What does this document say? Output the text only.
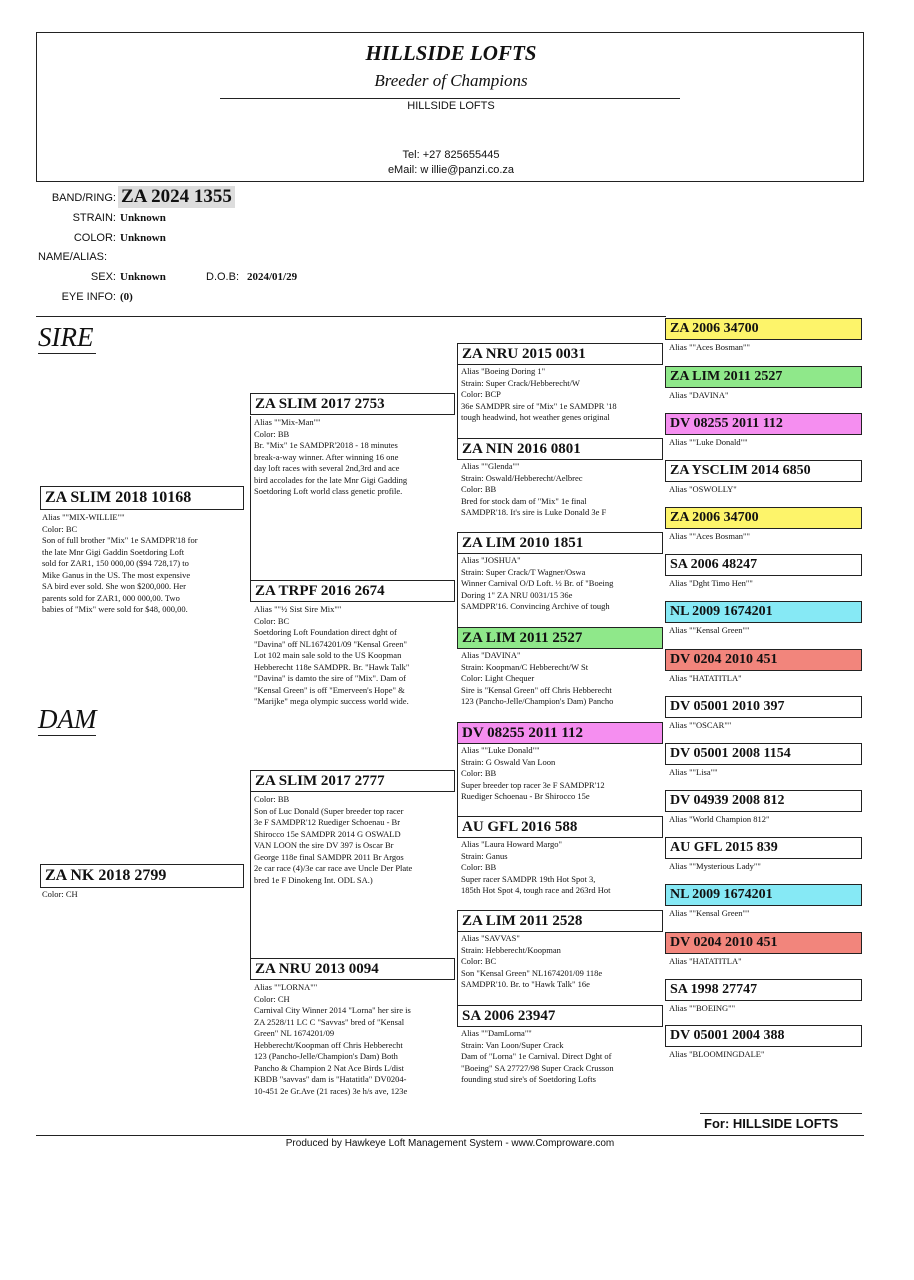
HILLSIDE LOFTS
Breeder of Champions
HILLSIDE LOFTS
Tel: +27 825655445
eMail: w illie@panzi.co.za
BAND/RING: ZA 2024 1355
STRAIN: Unknown
COLOR: Unknown
NAME/ALIAS:
SEX: Unknown	D.O.B: 2024/01/29
EYE INFO: (0)
SIRE
DAM
ZA SLIM 2018 10168
Alias ""MIX-WILLIE""
Color: BC
Son of full brother "Mix" 1e SAMDPR'18 for
the late Mnr Gigi Gaddin Soetdoring Loft
sold for ZAR1, 150 000,00 ($94 728,17) to
Mike Ganus in the US. The most expensive
SA bird ever sold. She won $200,000. Her
parents sold for ZAR1, 000 000,00. Two
babies of "Mix" were sold for $48, 000,00.
ZA NK 2018 2799
Color: CH
ZA SLIM 2017 2753
Alias ""Mix-Man""
Color: BB
Br. "Mix" 1e SAMDPR'2018 - 18 minutes
break-a-way winner. After winning 16 one
day loft races with several 2nd,3rd and ace
bird accolades for the late Mnr Gigi Gadding
Soetdoring Loft world class genetic profile.
ZA TRPF 2016 2674
Alias ""½ Sist Sire Mix""
Color: BC
Soetdoring Loft Foundation direct dght of
"Davina" off NL1674201/09 "Kensal Green"
Lot 102 main sale sold to the US Koopman
Hebberecht 118e SAMDPR. Br. "Hawk Talk"
"Davina" is damto the sire of "Mix". Dam of
"Kensal Green" is off "Emerveen's Hope" &
"Marijke" mega olympic success world wide.
ZA SLIM 2017 2777
Color: BB
Son of Luc Donald (Super breeder top racer
3e F SAMDPR'12 Ruediger Schoenau - Br
Shirocco 15e SAMDPR 2014 G OSWALD
VAN LOON the sire DV 397 is Oscar Br
George 118e final SAMDPR 2011 Br Argos
2e car race (4)/3e car race ave Uncle Der Plate
bred 1e F Dinokeng Int. ODL SA.)
ZA NRU 2013 0094
Alias ""LORNA""
Color: CH
Carnival City Winner 2014 "Lorna" her sire is
ZA 2528/11 LC C "Savvas" bred of "Kensal
Green" NL 1674201/09
Hebberecht/Koopman off Chris Hebberecht
123 (Pancho-Jelle/Champion's Dam) Both
Pancho & Champion 2 Nat Ace Birds L/dist
KBDB "savvas" dam is "Hatatitla" DV0204-
10-451 2e Gr.Ave (21 races) 3e h/s ave, 123e
ZA NRU 2015 0031
Alias "Boeing Doring 1"
Strain: Super Crack/Hebberecht/W
Color: BCP
36e SAMDPR sire of "Mix" 1e SAMDPR '18
tough headwind, hot weather genes original
ZA NIN 2016 0801
Alias ""Glenda""
Strain: Oswald/Hebberecht/Aelbrec
Color: BB
Bred for stock dam of "Mix" 1e final
SAMDPR'18. It's sire is Luke Donald 3e F
ZA LIM 2010 1851
Alias "JOSHUA"
Strain: Super Crack/T Wagner/Oswa
Winner Carnival O/D Loft. ½ Br. of "Boeing
Doring 1" ZA NRU 0031/15 36e
SAMDPR'16. Convincing Archive of tough
ZA LIM 2011 2527
Alias "DAVINA"
Strain: Koopman/C Hebberecht/W St
Color: Light Chequer
Sire is "Kensal Green" off Chris Hebberecht
123 (Pancho-Jelle/Champion's Dam) Pancho
DV 08255 2011 112
Alias ""Luke Donald""
Strain: G Oswald Van Loon
Color: BB
Super breeder top racer 3e F SAMDPR'12
Ruediger Schoenau - Br Shirocco 15e
AU GFL 2016 588
Alias "Laura Howard Margo"
Strain: Ganus
Color: BB
Super racer SAMDPR 19th Hot Spot 3,
185th Hot Spot 4, tough race and 263rd Hot
ZA LIM 2011 2528
Alias "SAVVAS"
Strain: Hebberecht/Koopman
Color: BC
Son "Kensal Green" NL1674201/09 118e
SAMDPR'10. Br. to "Hawk Talk" 16e
SA 2006 23947
Alias ""DamLorna""
Strain: Van Loon/Super Crack
Dam of "Lorna" 1e Carnival. Direct Dght of
"Boeing" SA 27727/98 Super Crack Crusson
founding stud sire's of Soetdoring Lofts
ZA 2006 34700
Alias ""Aces Bosman""
ZA LIM 2011 2527
Alias "DAVINA"
DV 08255 2011 112
Alias ""Luke Donald""
ZA YSCLIM 2014 6850
Alias "OSWOLLY"
ZA 2006 34700
Alias ""Aces Bosman""
SA 2006 48247
Alias "Dght Timo Hen""
NL 2009 1674201
Alias ""Kensal Green""
DV 0204 2010 451
Alias "HATATITLA"
DV 05001 2010 397
Alias ""OSCAR""
DV 05001 2008 1154
Alias ""Lisa""
DV 04939 2008 812
Alias "World Champion 812"
AU GFL 2015 839
Alias ""Mysterious Lady""
NL 2009 1674201
Alias ""Kensal Green""
DV 0204 2010 451
Alias "HATATITLA"
SA 1998 27747
Alias ""BOEING""
DV 05001 2004 388
Alias "BLOOMINGDALE"
For: HILLSIDE LOFTS
Produced by Hawkeye Loft Management System - www.Comproware.com
